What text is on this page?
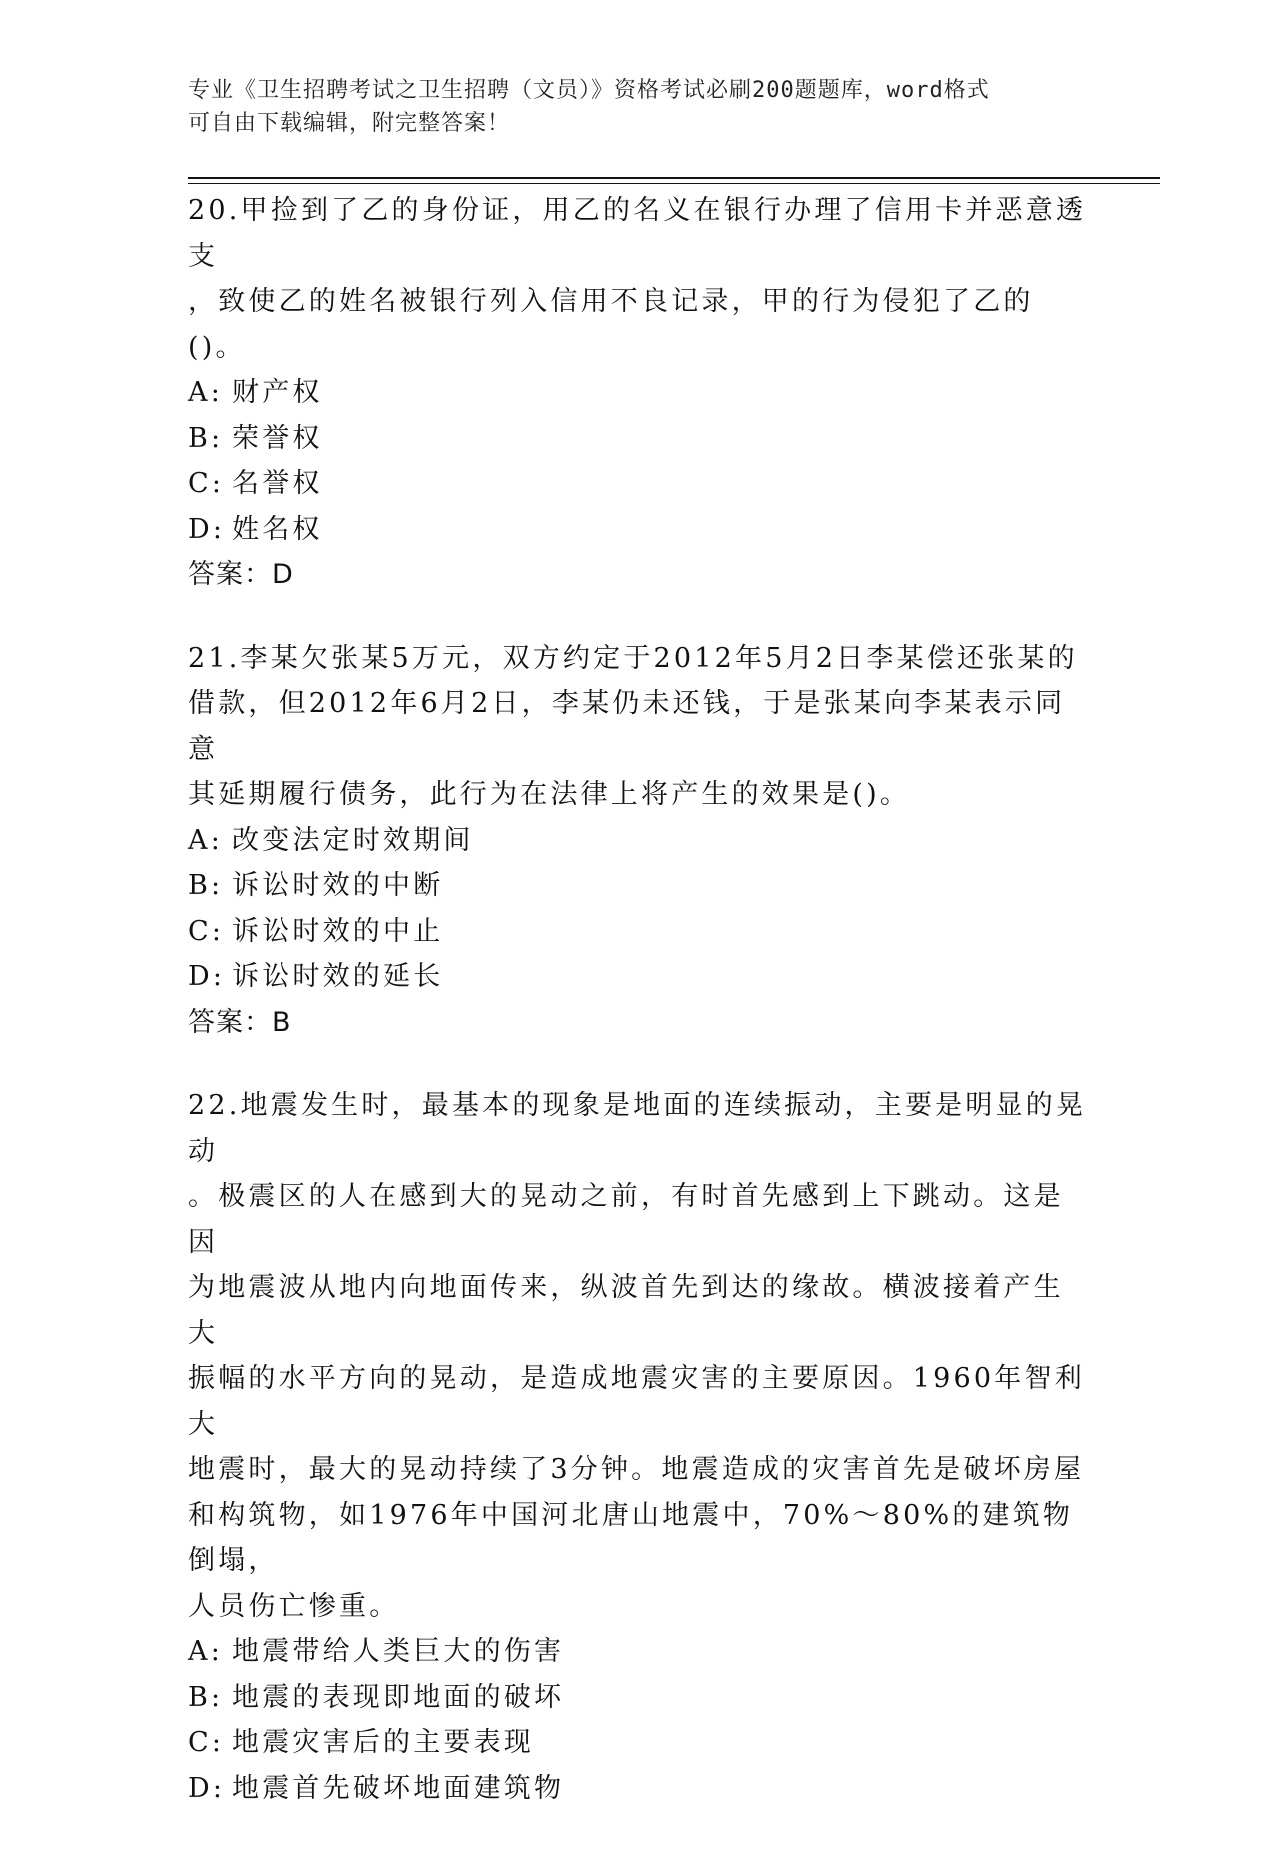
专业《卫生招聘考试之卫生招聘（文员）》资格考试必刷200题题库，word格式
可自由下载编辑，附完整答案！
20.甲捡到了乙的身份证，用乙的名义在银行办理了信用卡并恶意透支
，致使乙的姓名被银行列入信用不良记录，甲的行为侵犯了乙的()。
A: 财产权
B: 荣誉权
C: 名誉权
D: 姓名权
答案：D
21.李某欠张某5万元，双方约定于2012年5月2日李某偿还张某的
借款，但2012年6月2日，李某仍未还钱，于是张某向李某表示同意
其延期履行债务，此行为在法律上将产生的效果是()。
A: 改变法定时效期间
B: 诉讼时效的中断
C: 诉讼时效的中止
D: 诉讼时效的延长
答案：B
22.地震发生时，最基本的现象是地面的连续振动，主要是明显的晃动
。极震区的人在感到大的晃动之前，有时首先感到上下跳动。这是因
为地震波从地内向地面传来，纵波首先到达的缘故。横波接着产生大
振幅的水平方向的晃动，是造成地震灾害的主要原因。1960年智利大
地震时，最大的晃动持续了3分钟。地震造成的灾害首先是破坏房屋
和构筑物，如1976年中国河北唐山地震中，70%～80%的建筑物倒塌，
人员伤亡惨重。
A: 地震带给人类巨大的伤害
B: 地震的表现即地面的破坏
C: 地震灾害后的主要表现
D: 地震首先破坏地面建筑物
